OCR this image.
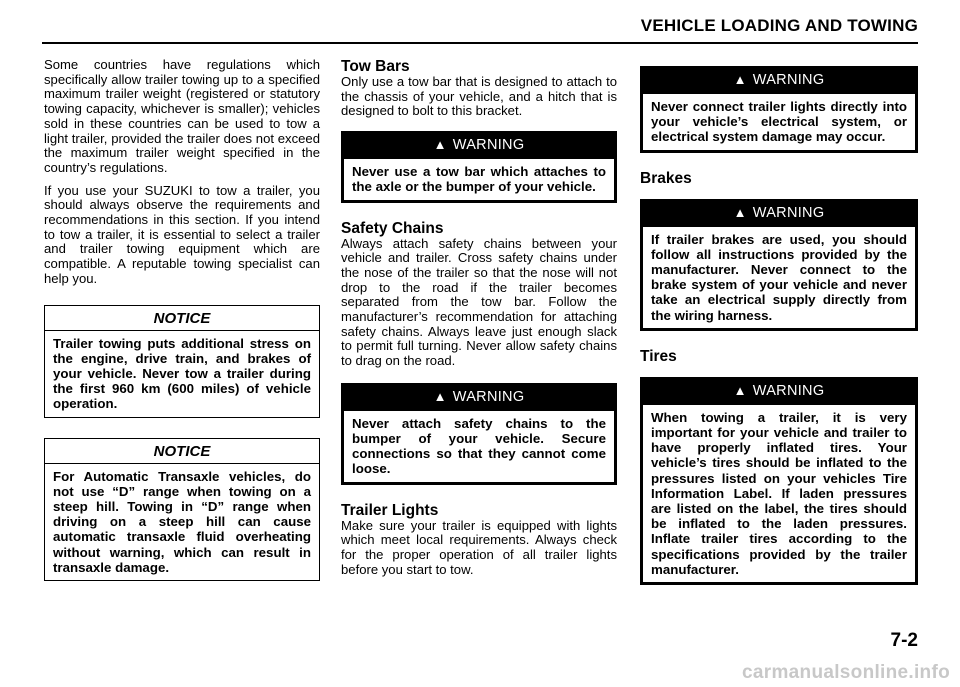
VEHICLE LOADING AND TOWING

Some countries have regulations which specifically allow trailer towing up to a specified maximum trailer weight (registered or statutory towing capacity, whichever is smaller); vehicles sold in these countries can be used to tow a light trailer, provided the trailer does not exceed the maximum trailer weight specified in the country’s regulations.

If you use your SUZUKI to tow a trailer, you should always observe the requirements and recommendations in this section. If you intend to tow a trailer, it is essential to select a trailer and trailer towing equipment which are compatible. A reputable towing specialist can help you.

NOTICE
Trailer towing puts additional stress on the engine, drive train, and brakes of your vehicle. Never tow a trailer during the first 960 km (600 miles) of vehicle operation.
NOTICE
For Automatic Transaxle vehicles, do not use “D” range when towing on a steep hill. Towing in “D” range when driving on a steep hill can cause automatic transaxle fluid overheating without warning, which can result in transaxle damage.
Tow Bars

Only use a tow bar that is designed to attach to the chassis of your vehicle, and a hitch that is designed to bolt to this bracket.

▲ WARNING
Never use a tow bar which attaches to the axle or the bumper of your vehicle.
Safety Chains

Always attach safety chains between your vehicle and trailer. Cross safety chains under the nose of the trailer so that the nose will not drop to the road if the trailer becomes separated from the tow bar. Follow the manufacturer’s recommendation for attaching safety chains. Always leave just enough slack to permit full turning. Never allow safety chains to drag on the road.

▲ WARNING
Never attach safety chains to the bumper of your vehicle. Secure connections so that they cannot come loose.
Trailer Lights

Make sure your trailer is equipped with lights which meet local requirements. Always check for the proper operation of all trailer lights before you start to tow.

▲ WARNING
Never connect trailer lights directly into your vehicle’s electrical system, or electrical system damage may occur.
Brakes
▲ WARNING
If trailer brakes are used, you should follow all instructions provided by the manufacturer. Never connect to the brake system of your vehicle and never take an electrical supply directly from the wiring harness.
Tires
▲ WARNING
When towing a trailer, it is very important for your vehicle and trailer to have properly inflated tires. Your vehicle’s tires should be inflated to the pressures listed on your vehicles Tire Information Label. If laden pressures are listed on the label, the tires should be inflated to the laden pressures. Inflate trailer tires according to the specifications provided by the trailer manufacturer.
7-2
carmanualsonline.info
